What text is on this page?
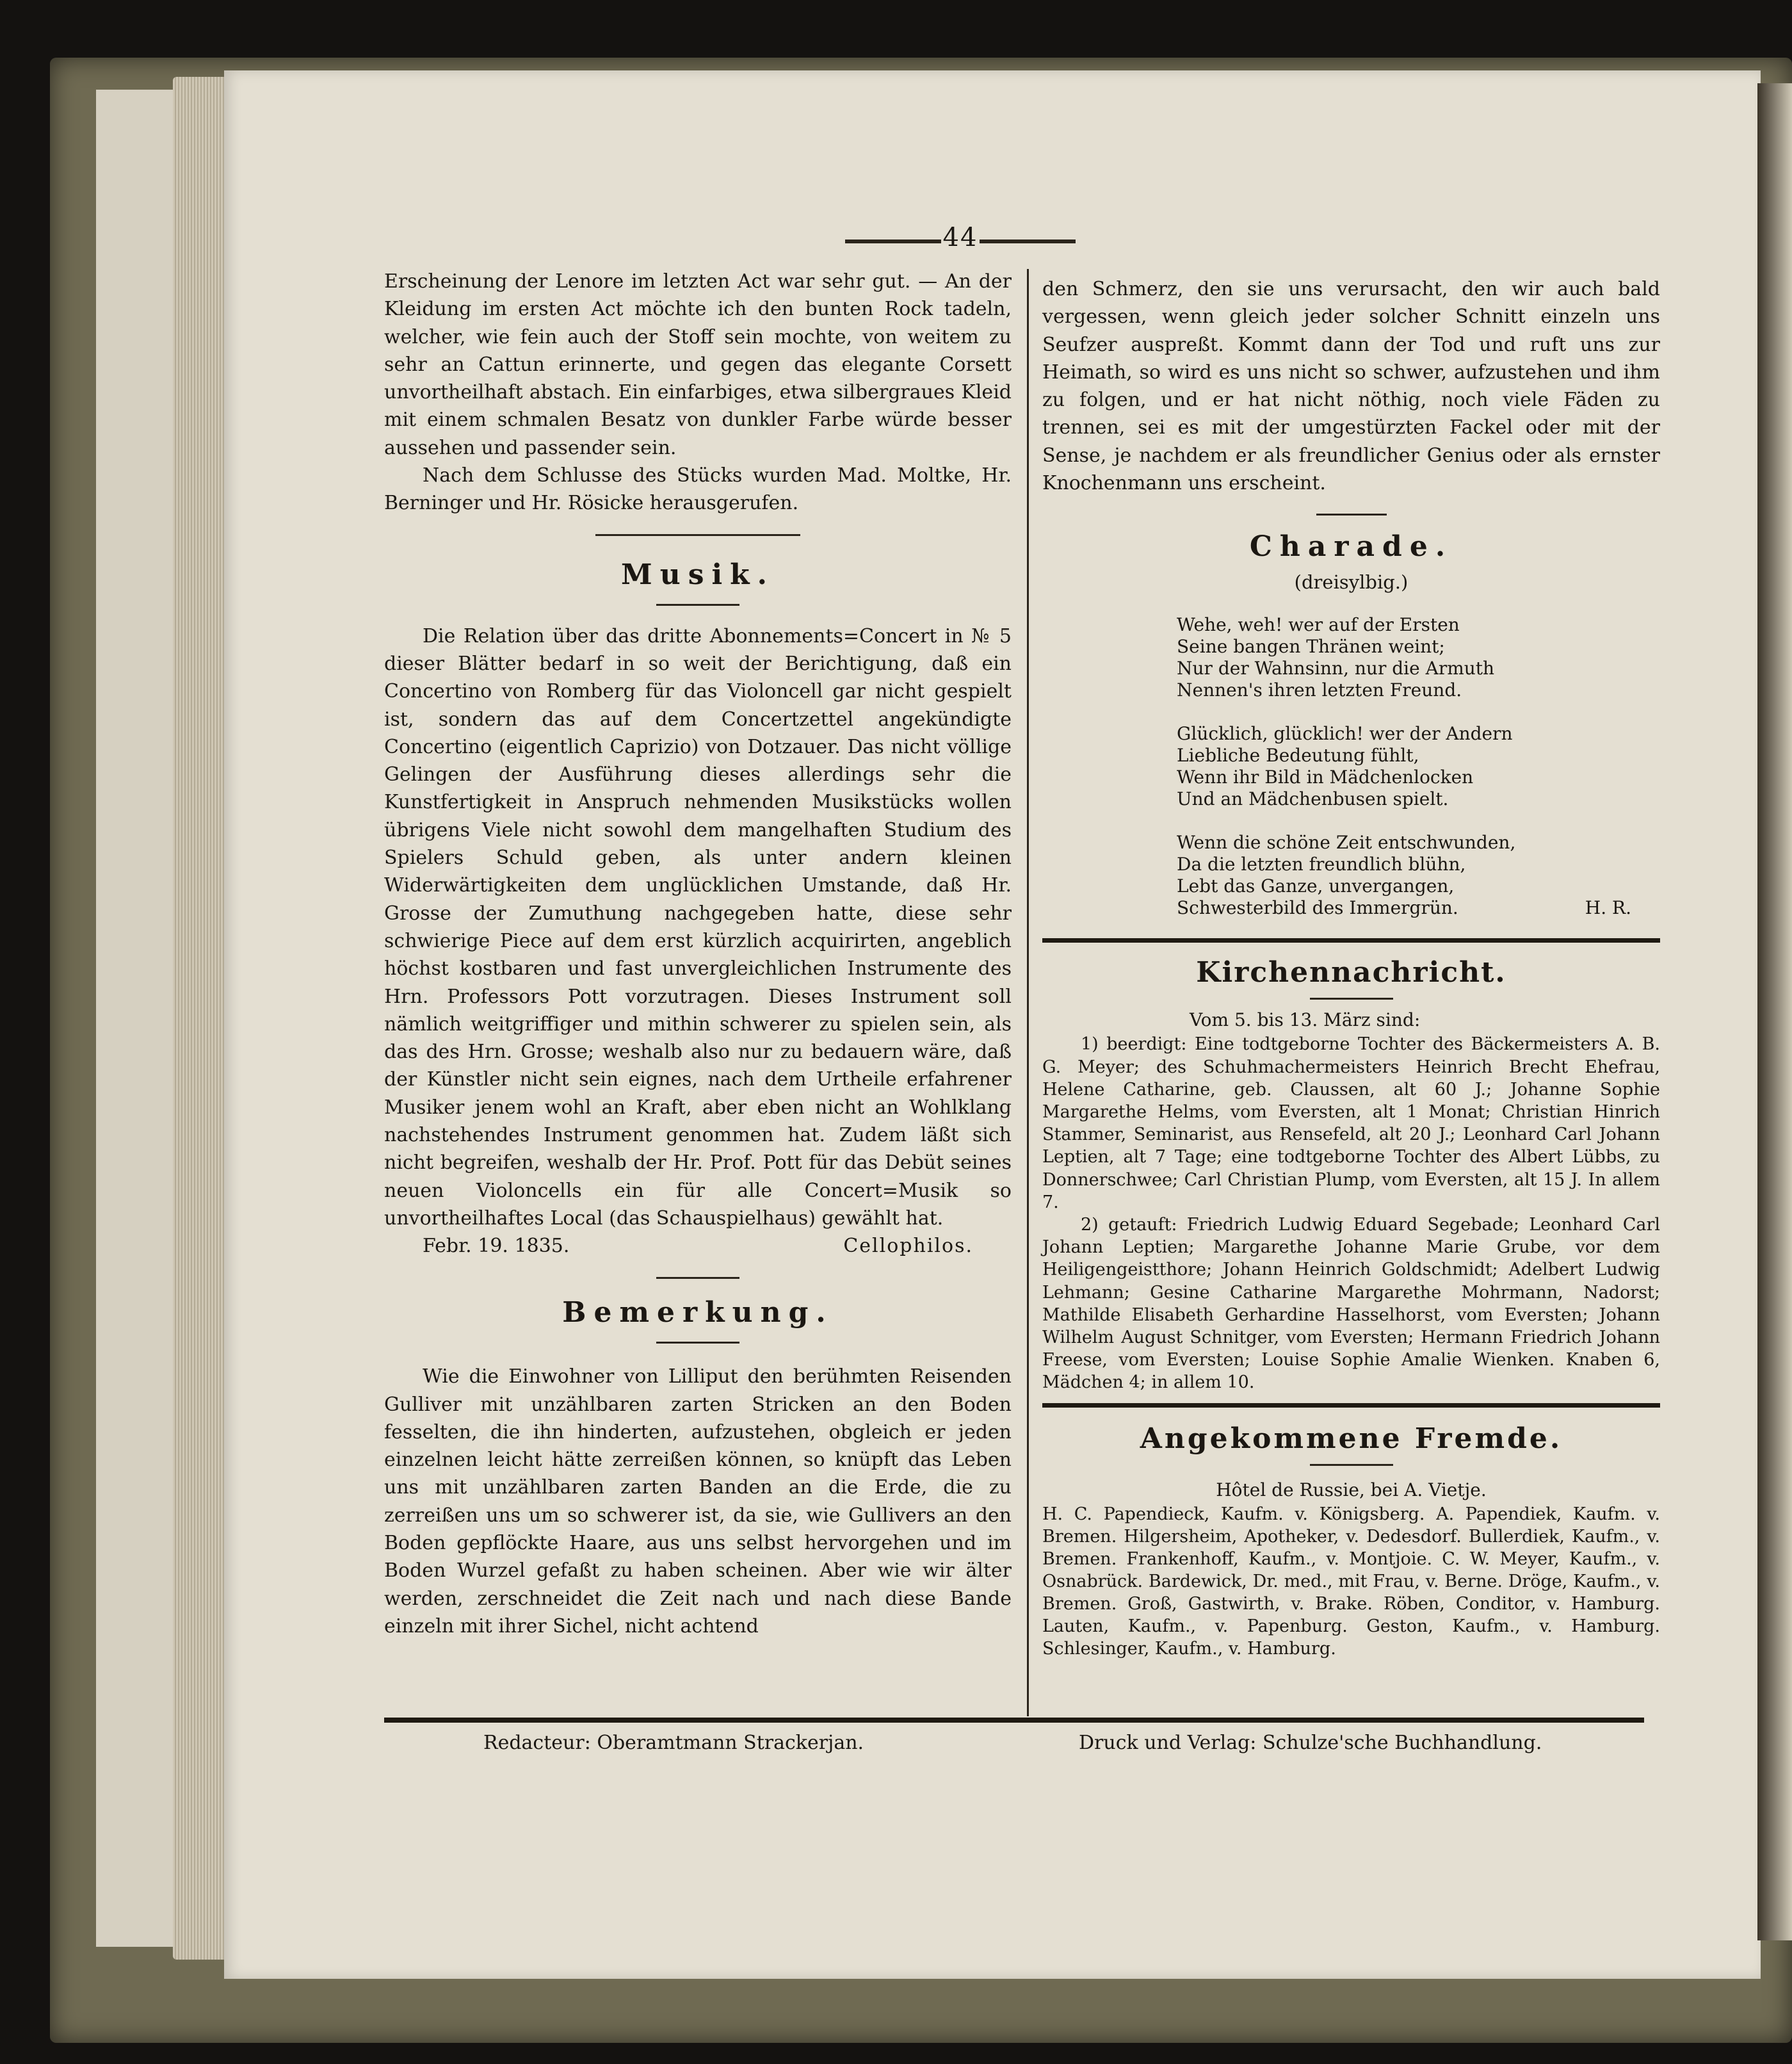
44

Erscheinung der Lenore im letzten Act war sehr gut. — An der Kleidung im ersten Act möchte ich den bunten Rock tadeln, welcher, wie fein auch der Stoff sein mochte, von weitem zu sehr an Cattun erinnerte, und gegen das elegante Corsett unvortheilhaft abstach. Ein einfarbiges, etwa silbergraues Kleid mit einem schmalen Besatz von dunkler Farbe würde besser aussehen und passender sein.

Nach dem Schlusse des Stücks wurden Mad. Moltke, Hr. Berninger und Hr. Rösicke herausgerufen.

Musik.

Die Relation über das dritte Abonnements=Concert in № 5 dieser Blätter bedarf in so weit der Berichtigung, daß ein Concertino von Romberg für das Violoncell gar nicht gespielt ist, sondern das auf dem Concertzettel angekündigte Concertino (eigentlich Caprizio) von Dotzauer. Das nicht völlige Gelingen der Ausführung dieses allerdings sehr die Kunstfertigkeit in Anspruch nehmenden Musikstücks wollen übrigens Viele nicht sowohl dem mangelhaften Studium des Spielers Schuld geben, als unter andern kleinen Widerwärtigkeiten dem unglücklichen Umstande, daß Hr. Grosse der Zumuthung nachgegeben hatte, diese sehr schwierige Piece auf dem erst kürzlich acquirirten, angeblich höchst kostbaren und fast unvergleichlichen Instrumente des Hrn. Professors Pott vorzutragen. Dieses Instrument soll nämlich weitgriffiger und mithin schwerer zu spielen sein, als das des Hrn. Grosse; weshalb also nur zu bedauern wäre, daß der Künstler nicht sein eignes, nach dem Urtheile erfahrener Musiker jenem wohl an Kraft, aber eben nicht an Wohlklang nachstehendes Instrument genommen hat. Zudem läßt sich nicht begreifen, weshalb der Hr. Prof. Pott für das Debüt seines neuen Violoncells ein für alle Concert=Musik so unvortheilhaftes Local (das Schauspielhaus) gewählt hat.

Febr. 19. 1835.	Cellophilos.

Bemerkung.

Wie die Einwohner von Lilliput den berühmten Reisenden Gulliver mit unzählbaren zarten Stricken an den Boden fesselten, die ihn hinderten, aufzustehen, obgleich er jeden einzelnen leicht hätte zerreißen können, so knüpft das Leben uns mit unzählbaren zarten Banden an die Erde, die zu zerreißen uns um so schwerer ist, da sie, wie Gullivers an den Boden gepflöckte Haare, aus uns selbst hervorgehen und im Boden Wurzel gefaßt zu haben scheinen. Aber wie wir älter werden, zerschneidet die Zeit nach und nach diese Bande einzeln mit ihrer Sichel, nicht achtend

den Schmerz, den sie uns verursacht, den wir auch bald vergessen, wenn gleich jeder solcher Schnitt einzeln uns Seufzer auspreßt. Kommt dann der Tod und ruft uns zur Heimath, so wird es uns nicht so schwer, aufzustehen und ihm zu folgen, und er hat nicht nöthig, noch viele Fäden zu trennen, sei es mit der umgestürzten Fackel oder mit der Sense, je nachdem er als freundlicher Genius oder als ernster Knochenmann uns erscheint.

Charade.

(dreisylbig.)

Wehe, weh! wer auf der Ersten
Seine bangen Thränen weint;
Nur der Wahnsinn, nur die Armuth
Nennen's ihren letzten Freund.
Glücklich, glücklich! wer der Andern
Liebliche Bedeutung fühlt,
Wenn ihr Bild in Mädchenlocken
Und an Mädchenbusen spielt.
Wenn die schöne Zeit entschwunden,
Da die letzten freundlich blühn,
Lebt das Ganze, unvergangen,
Schwesterbild des Immergrün.	H. R.
Kirchennachricht.

Vom 5. bis 13. März sind:

1) beerdigt: Eine todtgeborne Tochter des Bäckermeisters A. B. G. Meyer; des Schuhmachermeisters Heinrich Brecht Ehefrau, Helene Catharine, geb. Claussen, alt 60 J.; Johanne Sophie Margarethe Helms, vom Eversten, alt 1 Monat; Christian Hinrich Stammer, Seminarist, aus Rensefeld, alt 20 J.; Leonhard Carl Johann Leptien, alt 7 Tage; eine todtgeborne Tochter des Albert Lübbs, zu Donnerschwee; Carl Christian Plump, vom Eversten, alt 15 J. In allem 7.

2) getauft: Friedrich Ludwig Eduard Segebade; Leonhard Carl Johann Leptien; Margarethe Johanne Marie Grube, vor dem Heiligengeistthore; Johann Heinrich Goldschmidt; Adelbert Ludwig Lehmann; Gesine Catharine Margarethe Mohrmann, Nadorst; Mathilde Elisabeth Gerhardine Hasselhorst, vom Eversten; Johann Wilhelm August Schnitger, vom Eversten; Hermann Friedrich Johann Freese, vom Eversten; Louise Sophie Amalie Wienken. Knaben 6, Mädchen 4; in allem 10.

Angekommene Fremde.

Hôtel de Russie, bei A. Vietje.

H. C. Papendieck, Kaufm. v. Königsberg. A. Papendiek, Kaufm. v. Bremen. Hilgersheim, Apotheker, v. Dedesdorf. Bullerdiek, Kaufm., v. Bremen. Frankenhoff, Kaufm., v. Montjoie. C. W. Meyer, Kaufm., v. Osnabrück. Bardewick, Dr. med., mit Frau, v. Berne. Dröge, Kaufm., v. Bremen. Groß, Gastwirth, v. Brake. Röben, Conditor, v. Hamburg. Lauten, Kaufm., v. Papenburg. Geston, Kaufm., v. Hamburg. Schlesinger, Kaufm., v. Hamburg.

Redacteur: Oberamtmann Strackerjan.	Druck und Verlag: Schulze'sche Buchhandlung.
